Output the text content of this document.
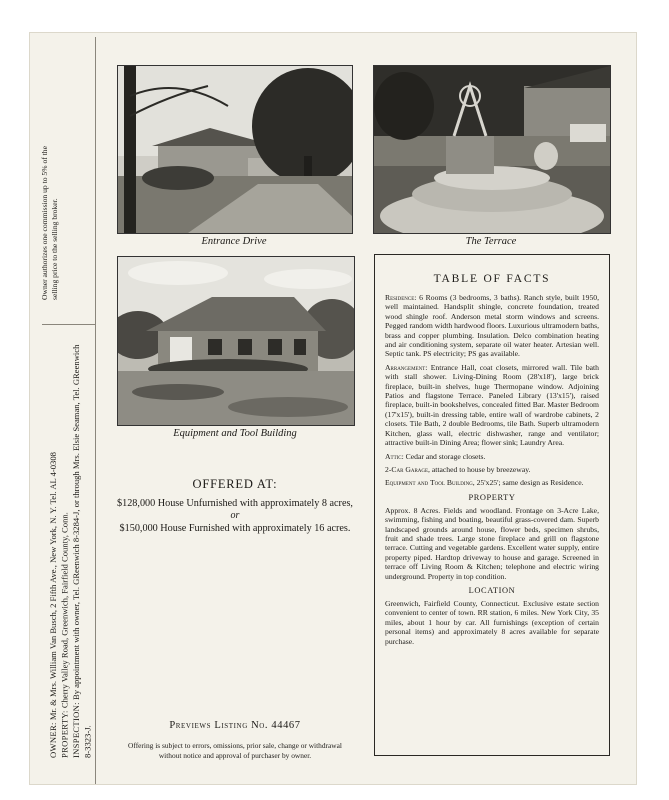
Owner authorizes one commission up to 5% of the selling price to the selling broker.
OWNER: Mr. & Mrs. William Van Busch, 2 Fifth Ave., New York, N. Y. Tel. AL 4-0308
PROPERTY: Cherry Valley Road, Greenwich, Fairfield County, Conn.
INSPECTION: By appointment with owner, Tel. GReenwich 8-3284-J, or through Mrs. Elsie Seaman, Tel. GReenwich 8-3323-J.
Entrance Drive	The Terrace
Equipment and Tool Building
OFFERED AT:
$128,000 House Unfurnished with approximately 8 acres,
or
$150,000 House Furnished with approximately 16 acres.
Previews Listing No. 44467
Offering is subject to errors, omissions, prior sale, change or withdrawal without notice and approval of purchaser by owner.
TABLE OF FACTS

Residence: 6 Rooms (3 bedrooms, 3 baths). Ranch style, built 1950, well maintained. Handsplit shingle, concrete foundation, treated wood shingle roof. Anderson metal storm windows and screens. Pegged random width hardwood floors. Luxurious ultramodern baths, brass and copper plumbing. Insulation. Delco combination heating and air conditioning system, separate oil water heater. Artesian well. Septic tank. PS electricity; PS gas available.

Arrangement: Entrance Hall, coat closets, mirrored wall. Tile bath with stall shower. Living-Dining Room (28'x18'), large brick fireplace, built-in shelves, huge Thermopane window. Adjoining Patios and flagstone Terrace. Paneled Library (13'x15'), raised fireplace, built-in bookshelves, concealed fitted Bar. Master Bedroom (17'x15'), built-in dressing table, entire wall of wardrobe cabinets, 2 closets. Tile Bath, 2 double Bedrooms, tile Bath. Superb ultramodern Kitchen, glass wall, electric dishwasher, range and ventilator; attractive built-in Dining Area; flower sink; Laundry Area.

Attic: Cedar and storage closets.

2-Car Garage, attached to house by breezeway.

Equipment and Tool Building, 25'x25'; same design as Residence.

PROPERTY

Approx. 8 Acres. Fields and woodland. Frontage on 3-Acre Lake, swimming, fishing and boating, beautiful grass-covered dam. Superb landscaped grounds around house, flower beds, specimen shrubs, fruit and shade trees. Large stone fireplace and grill on flagstone terrace. Cutting and vegetable gardens. Excellent water supply, entire property piped. Hardtop driveway to house and garage. Screened in terrace off Living Room & Kitchen; telephone and electric wiring underground. Property in top condition.

LOCATION

Greenwich, Fairfield County, Connecticut. Exclusive estate section convenient to center of town. RR station, 6 miles. New York City, 35 miles, about 1 hour by car. All furnishings (exception of certain personal items) and approximately 8 acres available for separate purchase.
